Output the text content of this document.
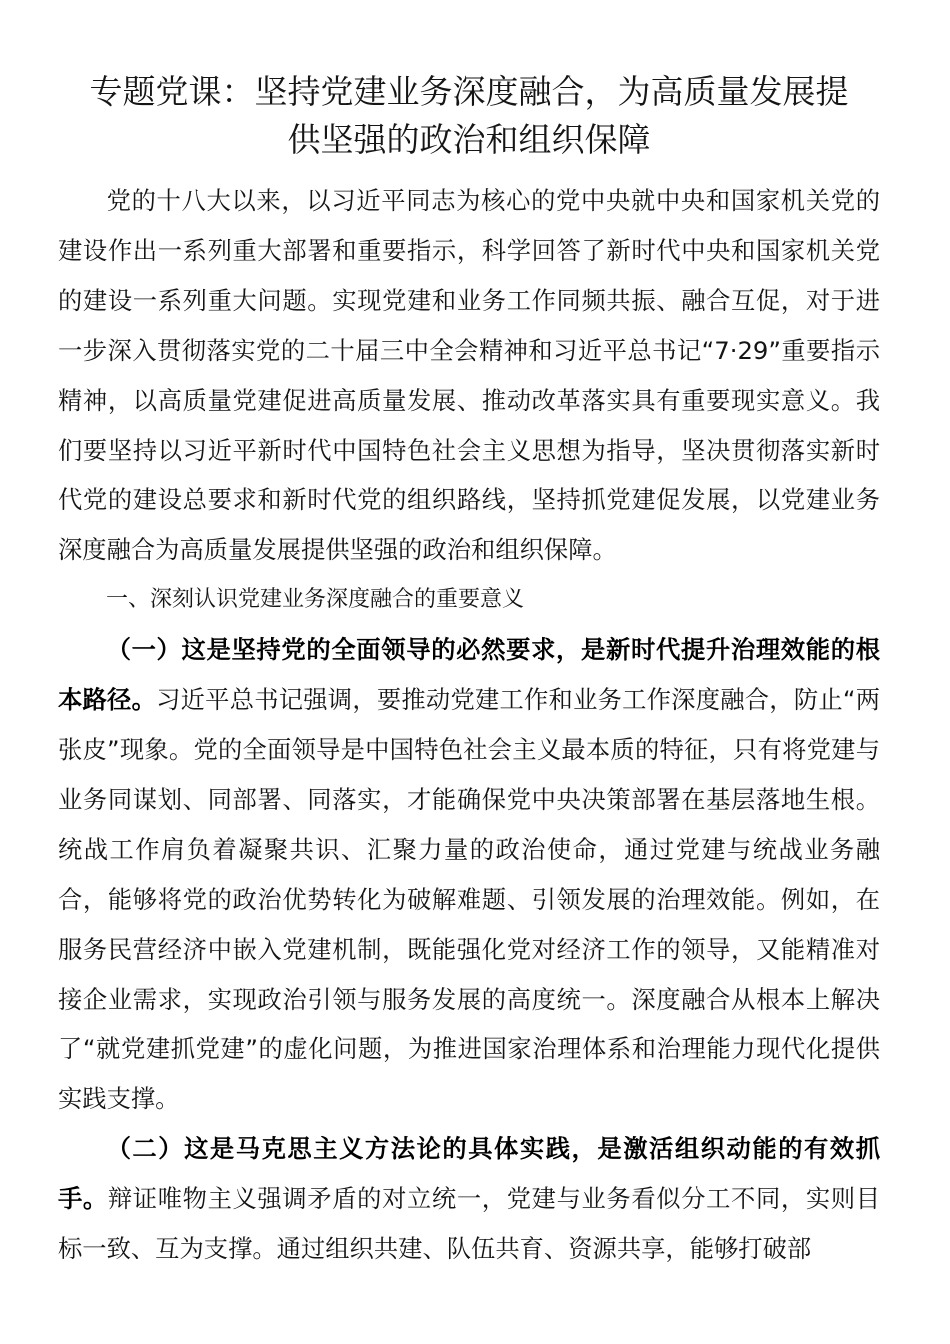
专题党课：坚持党建业务深度融合，为高质量发展提
供坚强的政治和组织保障

党的十八大以来，以习近平同志为核心的党中央就中央和国家机关党的建设作出一系列重大部署和重要指示，科学回答了新时代中央和国家机关党的建设一系列重大问题。实现党建和业务工作同频共振、融合互促，对于进一步深入贯彻落实党的二十届三中全会精神和习近平总书记“7·29”重要指示精神，以高质量党建促进高质量发展、推动改革落实具有重要现实意义。我们要坚持以习近平新时代中国特色社会主义思想为指导，坚决贯彻落实新时代党的建设总要求和新时代党的组织路线，坚持抓党建促发展，以党建业务深度融合为高质量发展提供坚强的政治和组织保障。

一、深刻认识党建业务深度融合的重要意义

（一）这是坚持党的全面领导的必然要求，是新时代提升治理效能的根本路径。习近平总书记强调，要推动党建工作和业务工作深度融合，防止“两张皮”现象。党的全面领导是中国特色社会主义最本质的特征，只有将党建与业务同谋划、同部署、同落实，才能确保党中央决策部署在基层落地生根。统战工作肩负着凝聚共识、汇聚力量的政治使命，通过党建与统战业务融合，能够将党的政治优势转化为破解难题、引领发展的治理效能。例如，在服务民营经济中嵌入党建机制，既能强化党对经济工作的领导，又能精准对接企业需求，实现政治引领与服务发展的高度统一。深度融合从根本上解决了“就党建抓党建”的虚化问题，为推进国家治理体系和治理能力现代化提供实践支撑。

（二）这是马克思主义方法论的具体实践，是激活组织动能的有效抓手。辩证唯物主义强调矛盾的对立统一，党建与业务看似分工不同，实则目标一致、互为支撑。通过组织共建、队伍共育、资源共享，能够打破部
